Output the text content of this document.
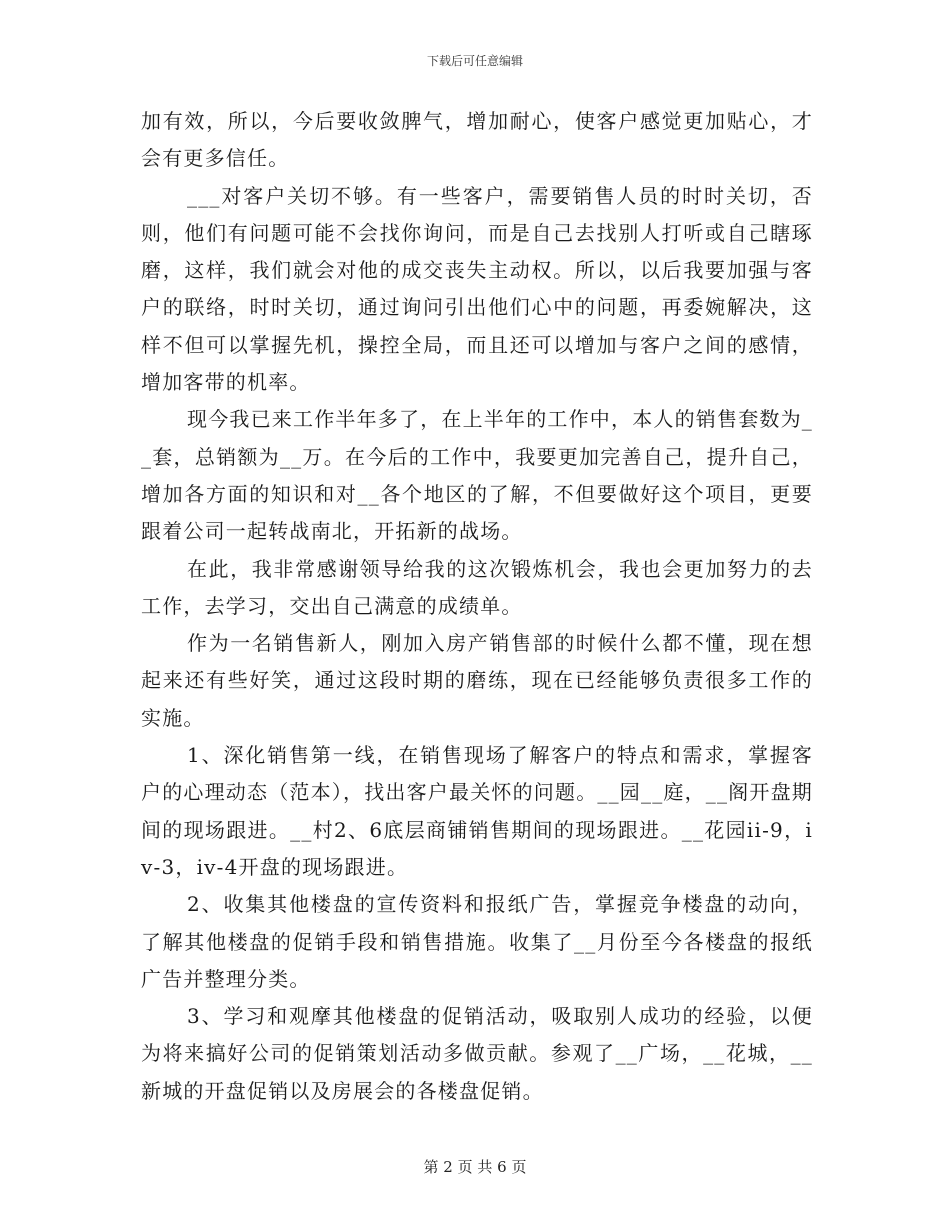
下载后可任意编辑

加有效，所以，今后要收敛脾气，增加耐心，使客户感觉更加贴心，才会有更多信任。

___对客户关切不够。有一些客户，需要销售人员的时时关切，否则，他们有问题可能不会找你询问，而是自己去找别人打听或自己瞎琢磨，这样，我们就会对他的成交丧失主动权。所以，以后我要加强与客户的联络，时时关切，通过询问引出他们心中的问题，再委婉解决，这样不但可以掌握先机，操控全局，而且还可以增加与客户之间的感情，增加客带的机率。

现今我已来工作半年多了，在上半年的工作中，本人的销售套数为__套，总销额为__万。在今后的工作中，我要更加完善自己，提升自己，增加各方面的知识和对__各个地区的了解，不但要做好这个项目，更要跟着公司一起转战南北，开拓新的战场。

在此，我非常感谢领导给我的这次锻炼机会，我也会更加努力的去工作，去学习，交出自己满意的成绩单。

作为一名销售新人，刚加入房产销售部的时候什么都不懂，现在想起来还有些好笑，通过这段时期的磨练，现在已经能够负责很多工作的实施。

1、深化销售第一线，在销售现场了解客户的特点和需求，掌握客户的心理动态（范本），找出客户最关怀的问题。__园__庭，__阁开盘期间的现场跟进。__村2、6底层商铺销售期间的现场跟进。__花园ii-9，iv-3，iv-4开盘的现场跟进。

2、收集其他楼盘的宣传资料和报纸广告，掌握竞争楼盘的动向，了解其他楼盘的促销手段和销售措施。收集了__月份至今各楼盘的报纸广告并整理分类。

3、学习和观摩其他楼盘的促销活动，吸取别人成功的经验，以便为将来搞好公司的促销策划活动多做贡献。参观了__广场，__花城，__新城的开盘促销以及房展会的各楼盘促销。

第 2 页 共 6 页
